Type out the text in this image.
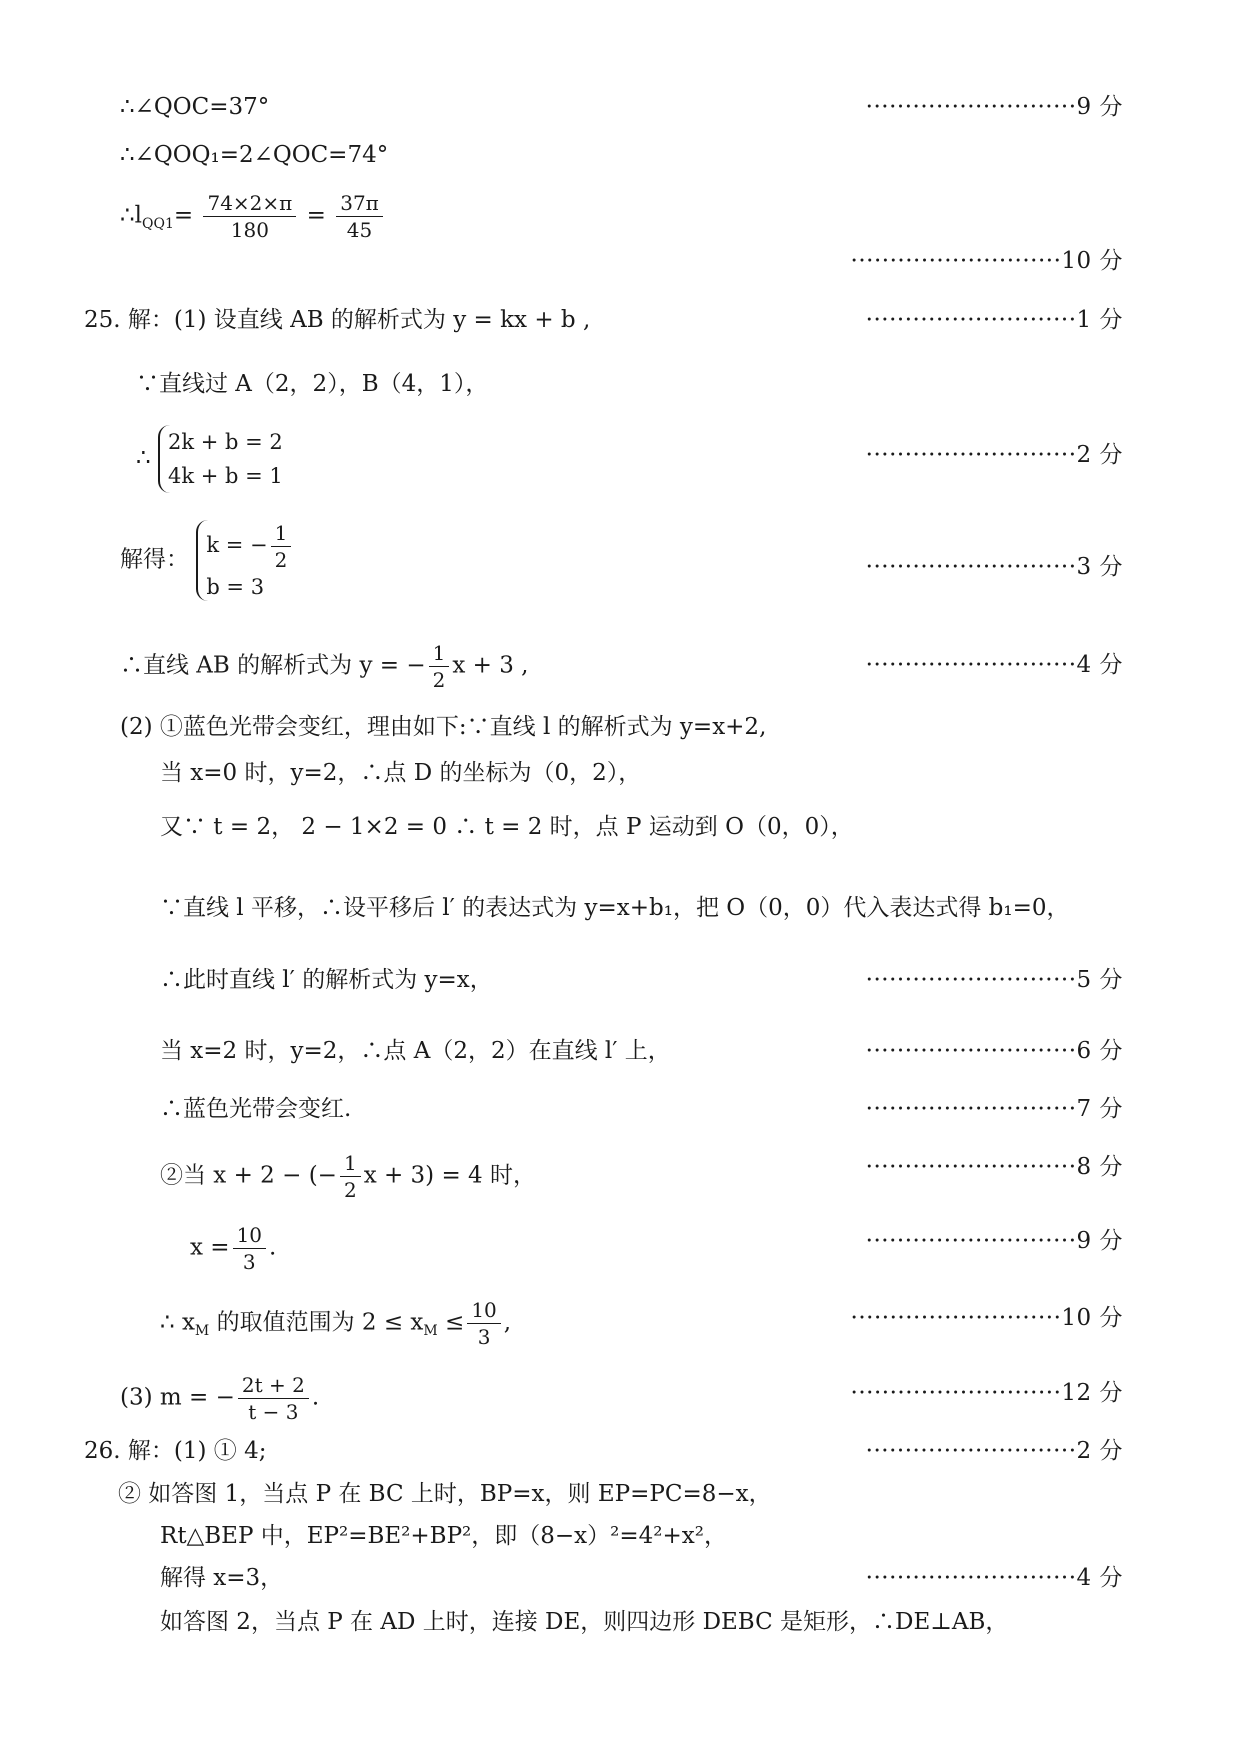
∴∠QOC=37°	···························9 分
∴∠QOQ₁=2∠QOC=74°
$\therefore l_{QQ1}= \frac{74\times 2\times\pi}{180} = \frac{37\pi}{45}$
···························10 分
25. 解：(1) 设直线 AB 的解析式为 y = kx + b ,	···························1 分
∵直线过 A（2，2），B（4，1），
∴
2k + b = 2
4k + b = 1
···························2 分
解得：
k = − $\frac{1}{2}$
b = 3
···························3 分
∴直线 AB 的解析式为 y = − $\frac{1}{2}$ x + 3 ,	···························4 分
(2) ①蓝色光带会变红，理由如下:∵直线 l 的解析式为 y=x+2,
当 x=0 时，y=2，∴点 D 的坐标为（0，2），
又∵ t = 2， 2 − 1×2 = 0 ∴ t = 2 时，点 P 运动到 O（0，0），
∵直线 l 平移，∴设平移后 l′ 的表达式为 y=x+b₁，把 O（0，0）代入表达式得 b₁=0，
∴此时直线 l′ 的解析式为 y=x，	···························5 分
当 x=2 时，y=2，∴点 A（2，2）在直线 l′ 上，	···························6 分
∴蓝色光带会变红.	···························7 分
②当 x + 2 − (− $\frac{1}{2}$ x + 3) = 4 时，	···························8 分
$x = \frac{10}{3}$ .	···························9 分
∴ $x_M$ 的取值范围为 $2 \le x_M \le \frac{10}{3}$ ,	···························10 分
(3) m = − $\frac{2t + 2}{t - 3}$ .	···························12 分
26. 解：(1) ① 4;	···························2 分
② 如答图 1，当点 P 在 BC 上时，BP=x，则 EP=PC=8−x，
Rt△BEP 中，EP²=BE²+BP²，即（8−x）²=4²+x²，
解得 x=3，	···························4 分
如答图 2，当点 P 在 AD 上时，连接 DE，则四边形 DEBC 是矩形，∴DE⊥AB，
